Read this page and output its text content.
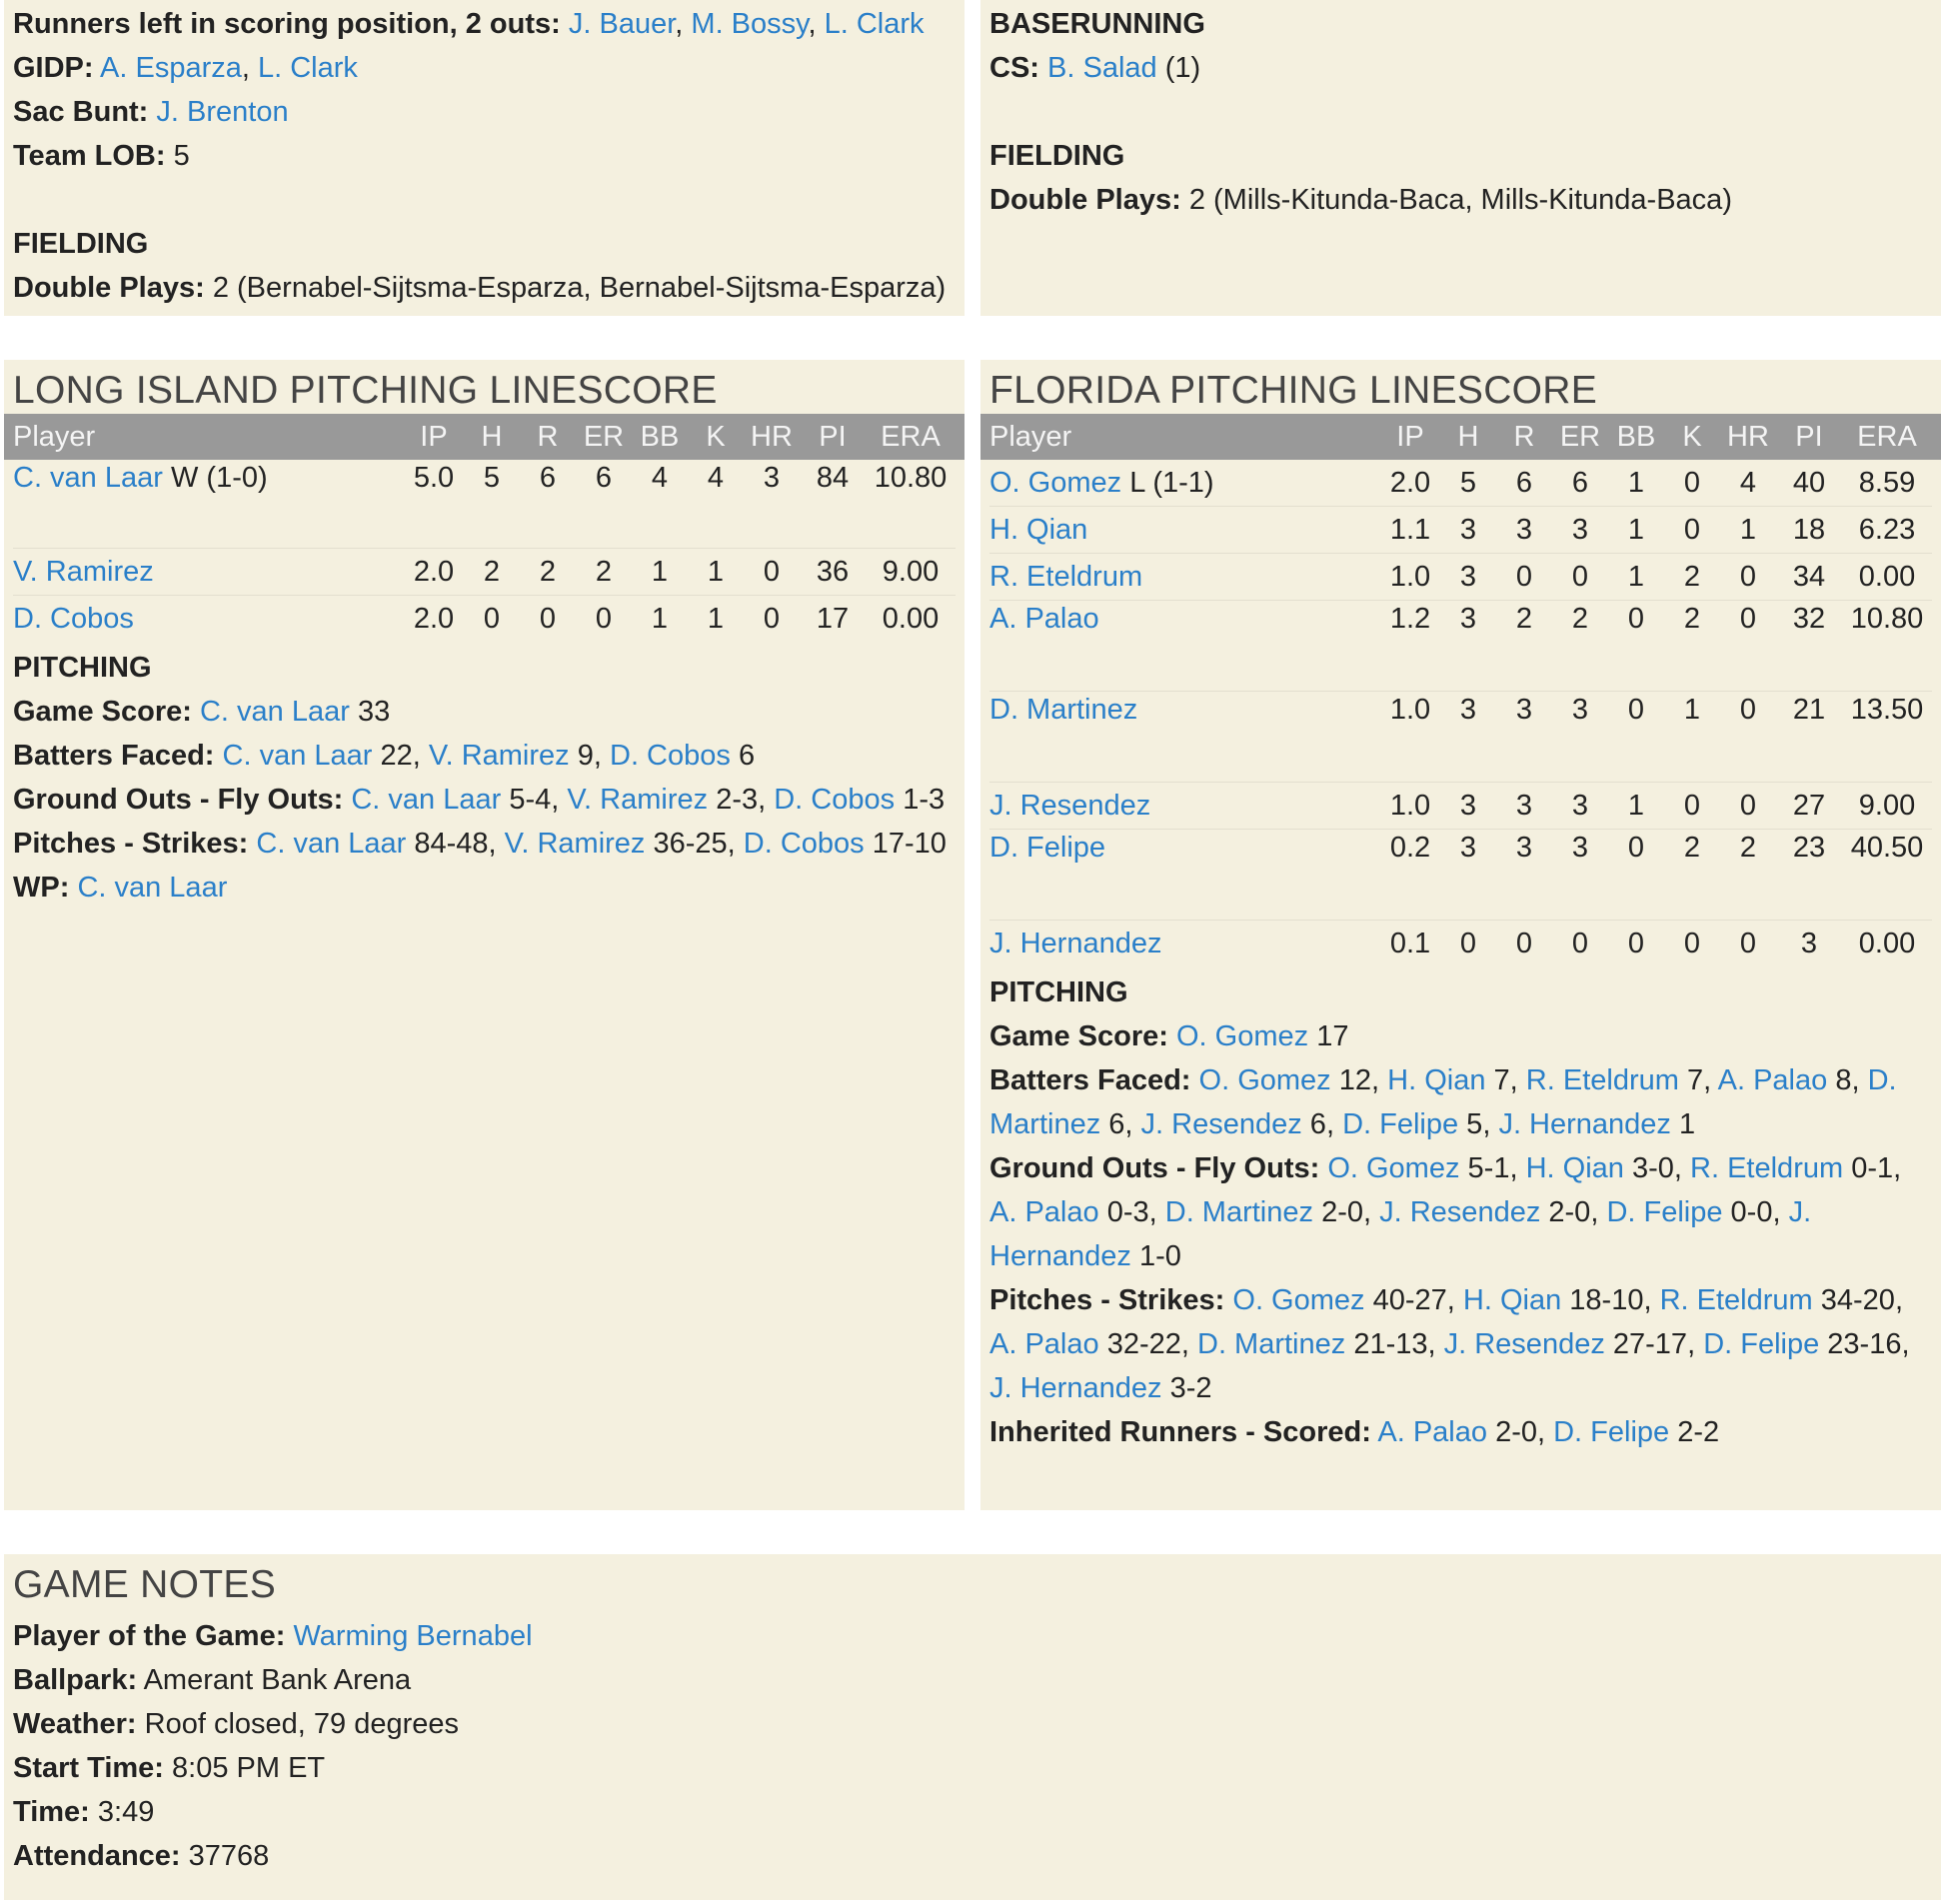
Runners left in scoring position, 2 outs: J. Bauer, M. Bossy, L. Clark
GIDP: A. Esparza, L. Clark
Sac Bunt: J. Brenton
Team LOB: 5
FIELDING
Double Plays: 2 (Bernabel-Sijtsma-Esparza, Bernabel-Sijtsma-Esparza)
BASERUNNING
CS: B. Salad (1)
FIELDING
Double Plays: 2 (Mills-Kitunda-Baca, Mills-Kitunda-Baca)
LONG ISLAND PITCHING LINESCORE
Player	IP	H	R ER BB K HR PI	ERA
C. van Laar W (1-0)	5.0	5	6	6	4	4	3	84 10.80
V. Ramirez	2.0	2	2	2	1	1	0	36	9.00
D. Cobos	2.0	0	0	0	1	1	0	17	0.00
PITCHING
Game Score: C. van Laar 33
Batters Faced: C. van Laar 22, V. Ramirez 9, D. Cobos 6
Ground Outs - Fly Outs: C. van Laar 5-4, V. Ramirez 2-3, D. Cobos 1-3
Pitches - Strikes: C. van Laar 84-48, V. Ramirez 36-25, D. Cobos 17-10
WP: C. van Laar
FLORIDA PITCHING LINESCORE
Player	IP	H	R ER BB K HR PI	ERA
O. Gomez L (1-1)	2.0	5	6	6	1	0	4	40	8.59
H. Qian	1.1	3	3	3	1	0	1	18	6.23
R. Eteldrum	1.0	3	0	0	1	2	0	34	0.00
A. Palao	1.2	3	2	2	0	2	0	32 10.80
D. Martinez	1.0	3	3	3	0	1	0	21 13.50
J. Resendez	1.0	3	3	3	1	0	0	27	9.00
D. Felipe	0.2	3	3	3	0	2	2	23 40.50
J. Hernandez	0.1	0	0	0	0	0	0	3	0.00
PITCHING
Game Score: O. Gomez 17
Batters Faced: O. Gomez 12, H. Qian 7, R. Eteldrum 7, A. Palao 8, D. Martinez 6, J. Resendez 6, D. Felipe 5, J. Hernandez 1
Ground Outs - Fly Outs: O. Gomez 5-1, H. Qian 3-0, R. Eteldrum 0-1, A. Palao 0-3, D. Martinez 2-0, J. Resendez 2-0, D. Felipe 0-0, J. Hernandez 1-0
Pitches - Strikes: O. Gomez 40-27, H. Qian 18-10, R. Eteldrum 34-20, A. Palao 32-22, D. Martinez 21-13, J. Resendez 27-17, D. Felipe 23-16, J. Hernandez 3-2
Inherited Runners - Scored: A. Palao 2-0, D. Felipe 2-2
GAME NOTES
Player of the Game: Warming Bernabel
Ballpark: Amerant Bank Arena
Weather: Roof closed, 79 degrees
Start Time: 8:05 PM ET
Time: 3:49
Attendance: 37768
